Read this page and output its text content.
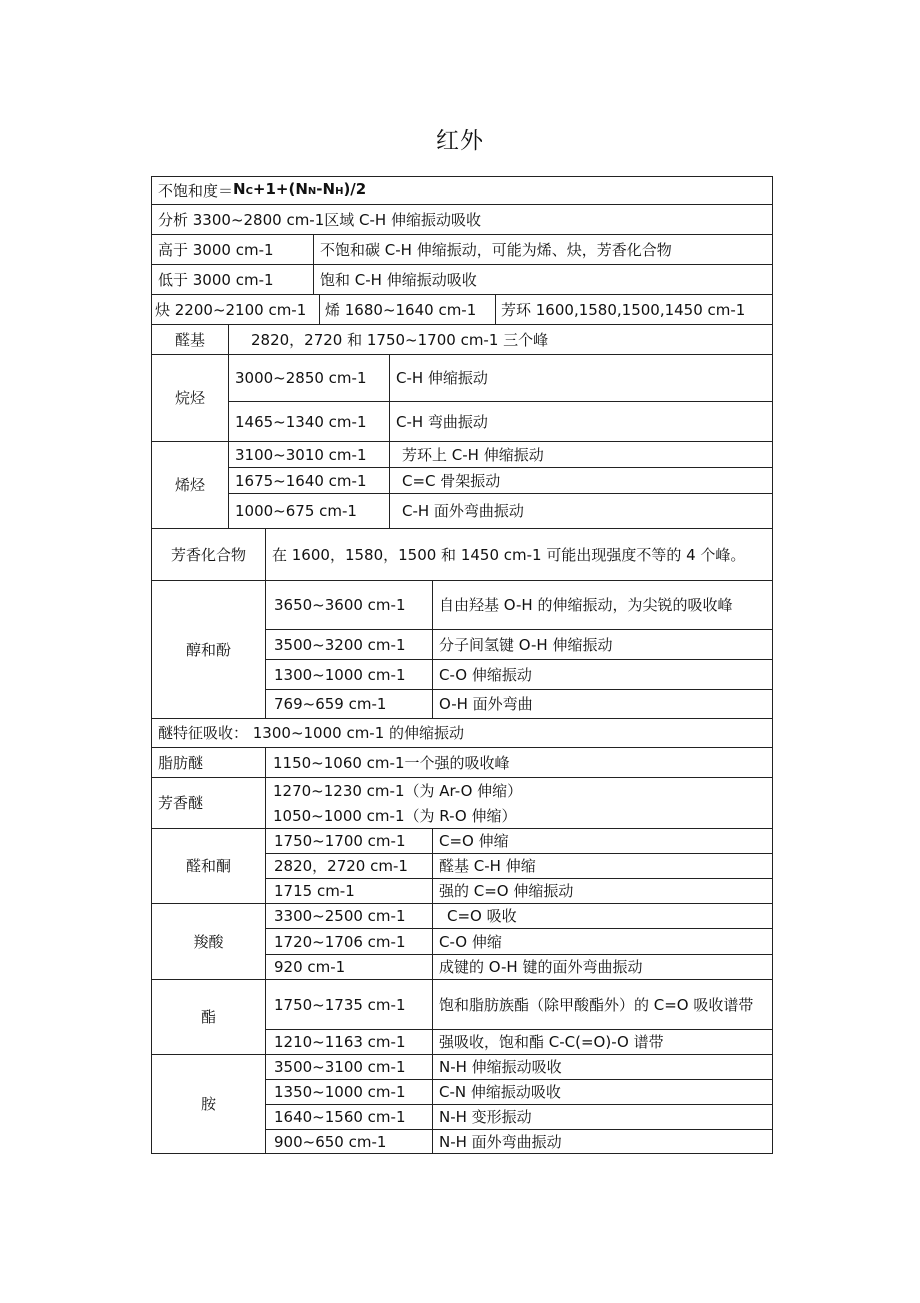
红外
不饱和度＝ NC+1+(NN-NH)/2
分析 3300~2800 cm-1区域 C-H 伸缩振动吸收
高于 3000 cm-1	不饱和碳 C-H 伸缩振动，可能为烯、炔，芳香化合物
低于 3000 cm-1	饱和 C-H 伸缩振动吸收
炔 2200~2100 cm-1	烯 1680~1640 cm-1	芳环 1600,1580,1500,1450 cm-1
醛基	2820，2720 和 1750~1700 cm-1 三个峰
烷烃
3000~2850 cm-1	C-H 伸缩振动
1465~1340 cm-1	C-H 弯曲振动
烯烃
3100~3010 cm-1	芳环上 C-H 伸缩振动
1675~1640 cm-1	C=C 骨架振动
1000~675 cm-1	C-H 面外弯曲振动
芳香化合物	在 1600，1580，1500 和 1450 cm-1 可能出现强度不等的 4 个峰。
醇和酚
3650~3600 cm-1	自由羟基 O-H 的伸缩振动，为尖锐的吸收峰
3500~3200 cm-1	分子间氢键 O-H 伸缩振动
1300~1000 cm-1	C-O 伸缩振动
769~659 cm-1	O-H 面外弯曲
醚特征吸收： 1300~1000 cm-1 的伸缩振动
脂肪醚	1150~1060 cm-1一个强的吸收峰
芳香醚
1270~1230 cm-1（为 Ar-O 伸缩）
1050~1000 cm-1（为 R-O 伸缩）
醛和酮
1750~1700 cm-1	C=O 伸缩
2820，2720 cm-1	醛基 C-H 伸缩
1715 cm-1	强的 C=O 伸缩振动
羧酸
3300~2500 cm-1	C=O 吸收
1720~1706 cm-1	C-O 伸缩
920 cm-1	成键的 O-H 键的面外弯曲振动
酯
1750~1735 cm-1	饱和脂肪族酯（除甲酸酯外）的 C=O 吸收谱带
1210~1163 cm-1	强吸收，饱和酯 C-C(=O)-O 谱带
胺
3500~3100 cm-1	N-H 伸缩振动吸收
1350~1000 cm-1	C-N 伸缩振动吸收
1640~1560 cm-1	N-H 变形振动
900~650 cm-1	N-H 面外弯曲振动
